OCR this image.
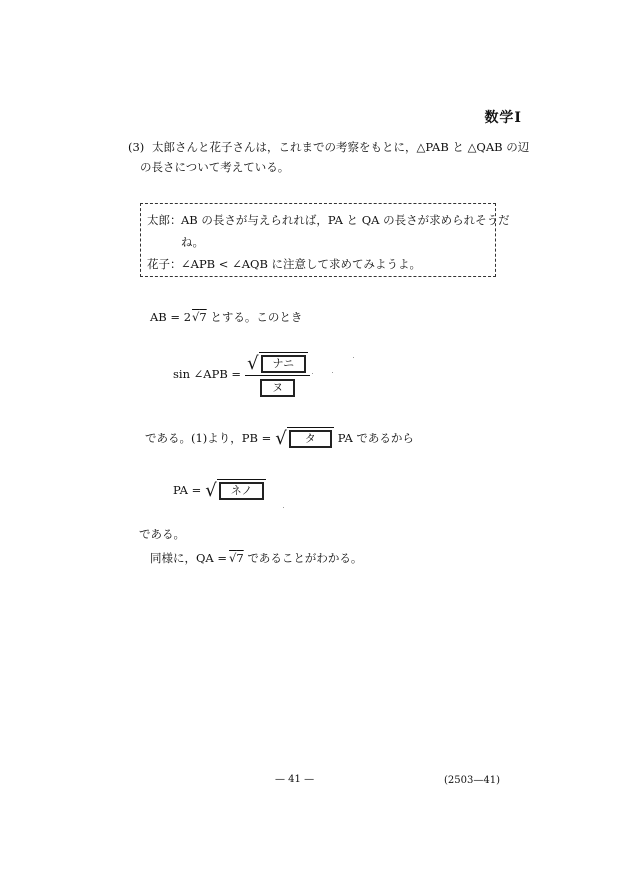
数学Ⅰ
(3) 太郎さんと花子さんは，これまでの考察をもとに，△PAB と △QAB の辺
の長さについて考えている。
太郎： AB の長さが与えられれば，PA と QA の長さが求められそうだ
ね。
花子： ∠APB < ∠AQB に注意して求めてみようよ。
AB = 2√7 とする。このとき
sin ∠APB = √	ナニ
ヌ
である。(1)より，PB = √	タ	PA であるから
PA = √	ネノ
である。
同様に，QA = √7 であることがわかる。
— 41 —	(2503—41)
